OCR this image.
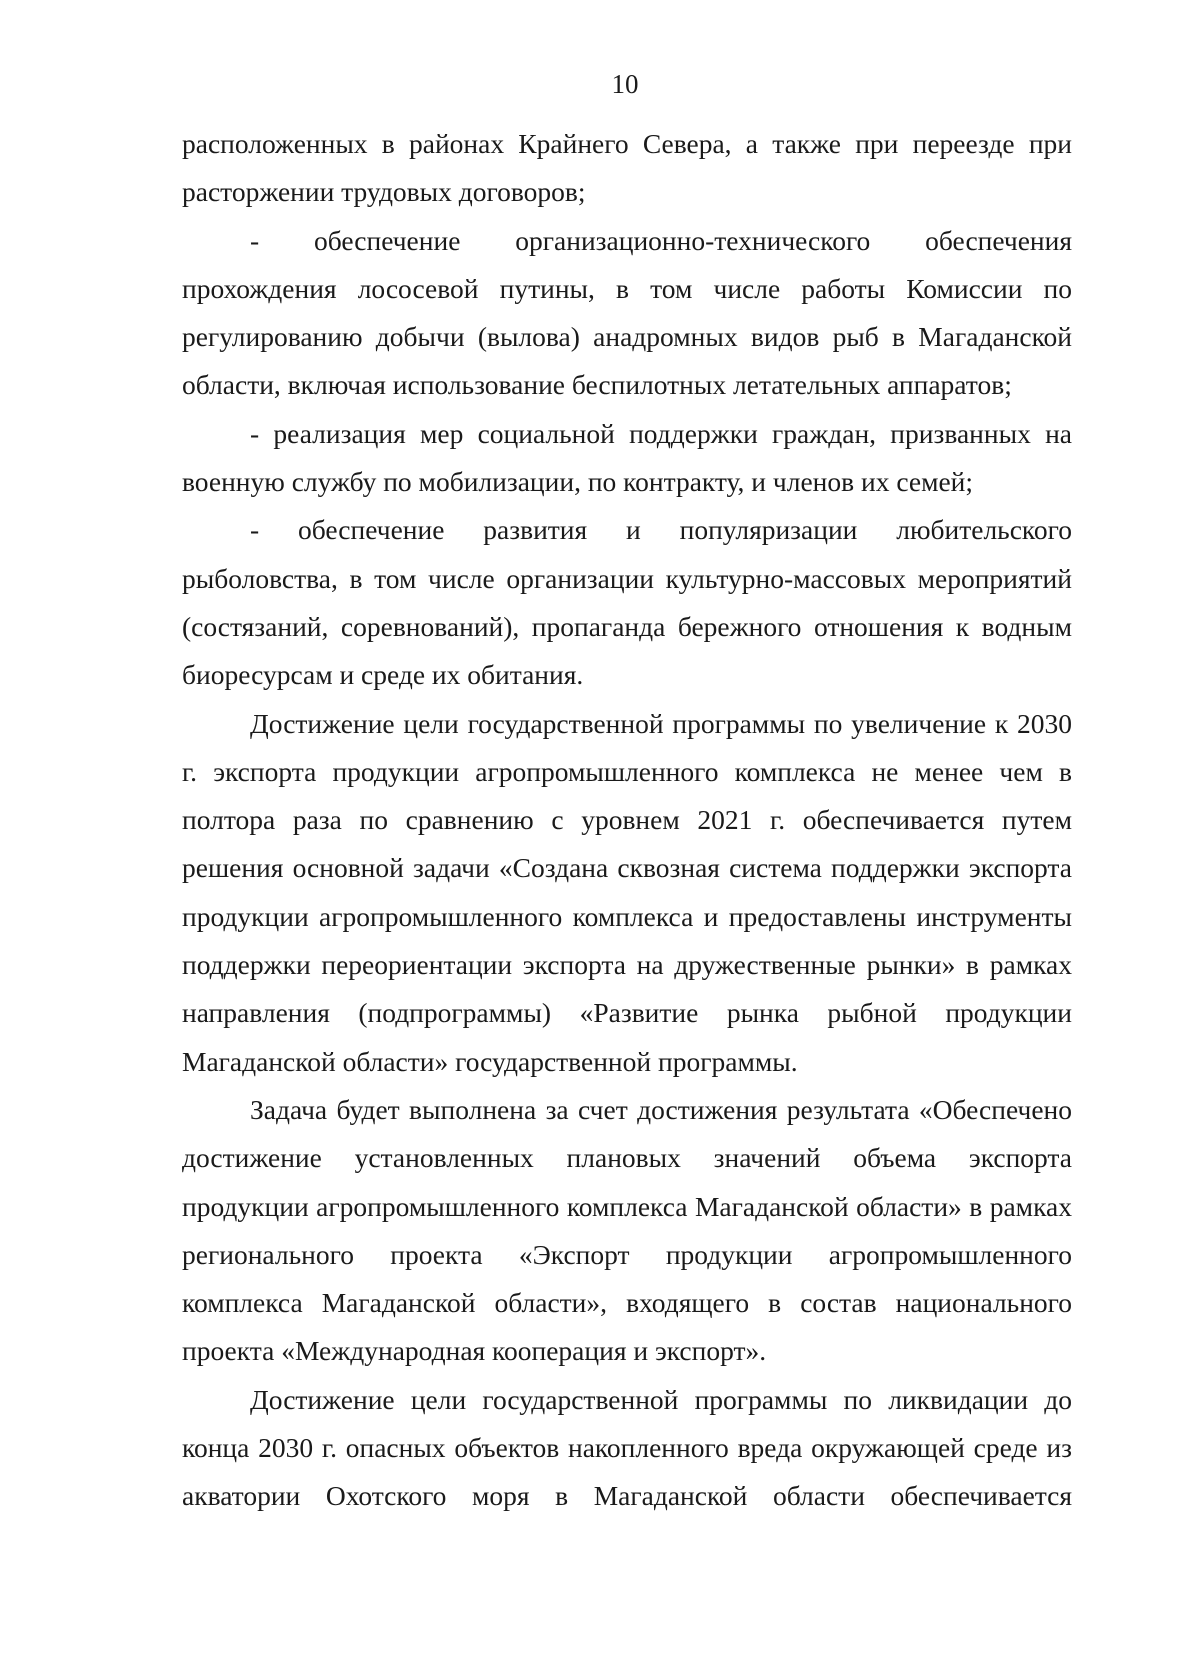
10

расположенных в районах Крайнего Севера, а также при переезде при расторжении трудовых договоров;

- обеспечение организационно-технического обеспечения прохождения лососевой путины, в том числе работы Комиссии по регулированию добычи (вылова) анадромных видов рыб в Магаданской области, включая использование беспилотных летательных аппаратов;

- реализация мер социальной поддержки граждан, призванных на военную службу по мобилизации, по контракту, и членов их семей;

- обеспечение развития и популяризации любительского рыболовства, в том числе организации культурно-массовых мероприятий (состязаний, соревнований), пропаганда бережного отношения к водным биоресурсам и среде их обитания.

Достижение цели государственной программы по увеличение к 2030 г. экспорта продукции агропромышленного комплекса не менее чем в полтора раза по сравнению с уровнем 2021 г. обеспечивается путем решения основной задачи «Создана сквозная система поддержки экспорта продукции агропромышленного комплекса и предоставлены инструменты поддержки переориентации экспорта на дружественные рынки» в рамках направления (подпрограммы) «Развитие рынка рыбной продукции Магаданской области» государственной программы.

Задача будет выполнена за счет достижения результата «Обеспечено достижение установленных плановых значений объема экспорта продукции агропромышленного комплекса Магаданской области» в рамках регионального проекта «Экспорт продукции агропромышленного комплекса Магаданской области», входящего в состав национального проекта «Международная кооперация и экспорт».

Достижение цели государственной программы по ликвидации до конца 2030 г. опасных объектов накопленного вреда окружающей среде из акватории Охотского моря в Магаданской области обеспечивается
